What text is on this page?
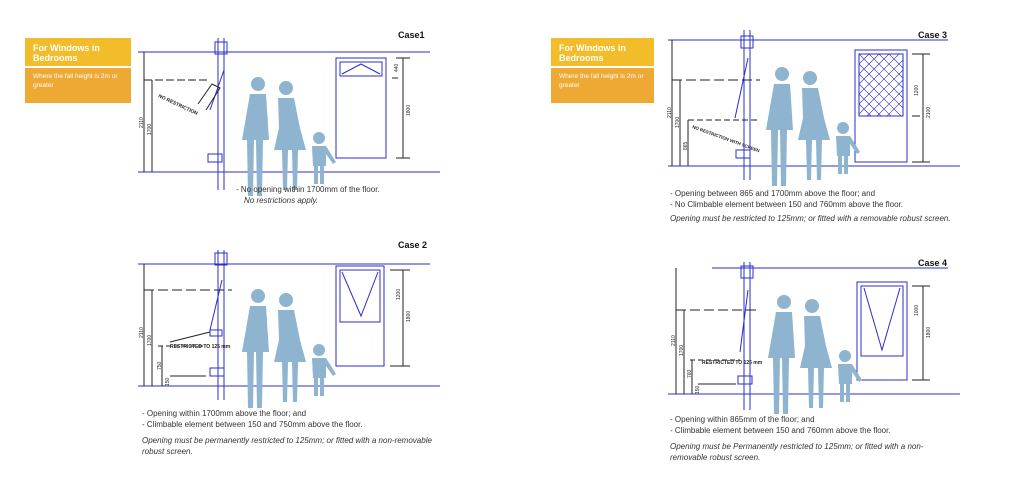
For Windows in Bedrooms
Where the fall height is 2m or greater
For Windows in Bedrooms
Where the fall height is 2m or greater
Case1
Case 2
Case 3
Case 4
2110
1700
440
1800
NO RESTRICTION
2110
1700
750
150
1200
1800
RESTRICTED TO 125 mm
2110
1700
865
1200
2100
NO RESTRICTION WITH SCREEN
2110
1700
760
150
1000
1800
RESTRICTED TO 125 mm
- No opening within 1700mm of the floor.
No restrictions apply.
- Opening within 1700mm above the floor; and
- Climbable element between 150 and 750mm above the floor.
Opening must be permanently restricted to 125mm; or fitted with a non-removable robust screen.
- Opening between 865 and 1700mm above the floor; and
- No Climbable element between 150 and 760mm above the floor.
Opening must be restricted to 125mm; or fitted with a removable robust screen.
- Opening within 865mm of the floor; and
- Climbable element between 150 and 760mm above the floor.
Opening must be Permanently restricted to 125mm; or fitted with a non-removable robust screen.
